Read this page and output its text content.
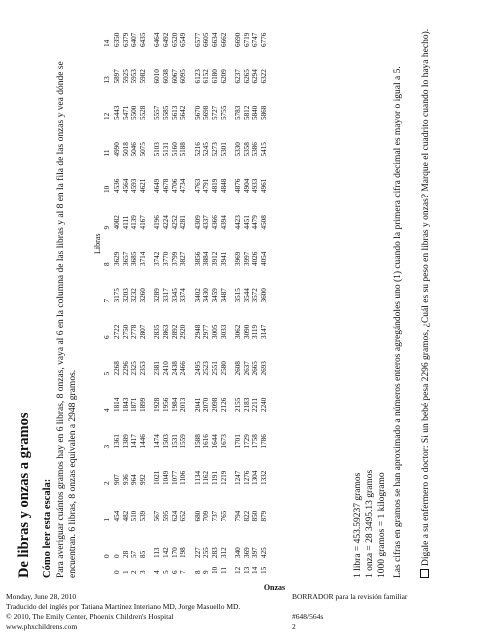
De libras y onzas a gramos Cómo leer esta escala: Para averiguar cuántos gramos hay en 6 libras, 8 onzas, vaya al 6 en la columna de las libras y al 8 en la fila de las onzas y vea dónde se encuentran. 6 libras, 8 onzas equivalen a 2948 gramos.
Libras
Onzas
0
1
2
3
4
5
6
7
8
9
10
11
12
13
14
0
0
454
907
1361
1814
2268
2722
3175
3629
4082
4536
4990
5443
5897
6350
1
28
482
936
1389
1843
2296
2750
3203
3657
4111
4564
5018
5471
5925
6379
2
57
510
964
1417
1871
2325
2778
3232
3685
4139
4593
5046
5500
5953
6407
3
85
539
992
1446
1899
2353
2807
3260
3714
4167
4621
5075
5528
5982
6435
4
113
567
1021
1474
1928
2381
2835
3289
3742
4196
4649
5103
5557
6010
6464
5
142
595
1049
1503
1956
2410
2863
3317
3770
4224
4678
5131
5585
6038
6492
6
170
624
1077
1531
1984
2438
2892
3345
3799
4252
4706
5160
5613
6067
6520
7
198
652
1106
1559
2013
2466
2920
3374
3827
4281
4734
5188
5642
6095
6549
8
227
680
1134
1588
2041
2495
2948
3402
3856
4309
4763
5216
5670
6123
6577
9
255
709
1162
1616
2070
2523
2977
3430
3884
4337
4791
5245
5698
6152
6605
10
283
737
1191
1644
2098
2551
3005
3459
3912
4366
4819
5273
5727
6180
6634
11
312
765
1219
1673
2126
2580
3033
3487
3941
4394
4848
5301
5755
6209
6662
12
340
794
1247
1701
2155
2608
3062
3515
3969
4423
4876
5330
5783
6237
6690
13
369
822
1276
1729
2183
2637
3090
3544
3997
4451
4904
5358
5812
6265
6719
14
397
850
1304
1758
2211
2665
3119
3572
4026
4479
4933
5386
5840
6294
6747
15
425
879
1332
1786
2240
2693
3147
3600
4054
4508
4961
5415
5868
6322
6776
1 libra = 453.59237 gramos 1 onza = 28 3495.13 gramos 1000 gramos = 1 kilogramo Las cifras en gramos se han aproximado a números enteros agregándoles uno (1) cuando la primera cifra decimal es mayor o igual a 5. Dígale a su enfermero o doctor: Si un bebé pesa 2296 gramos, ¿Cuál es su peso en libras y onzas? Marque el cuadrito cuando lo haya hecho).
Monday, June 28, 2010
Traducido del inglés por Tatiana Martínez Interiano MD, Jorge Masuello MD.
© 2010, The Emily Center, Phoenix Children's Hospital
www.phxchildrens.com
BORRADOR para la revisión familiar

#648/564s
2
